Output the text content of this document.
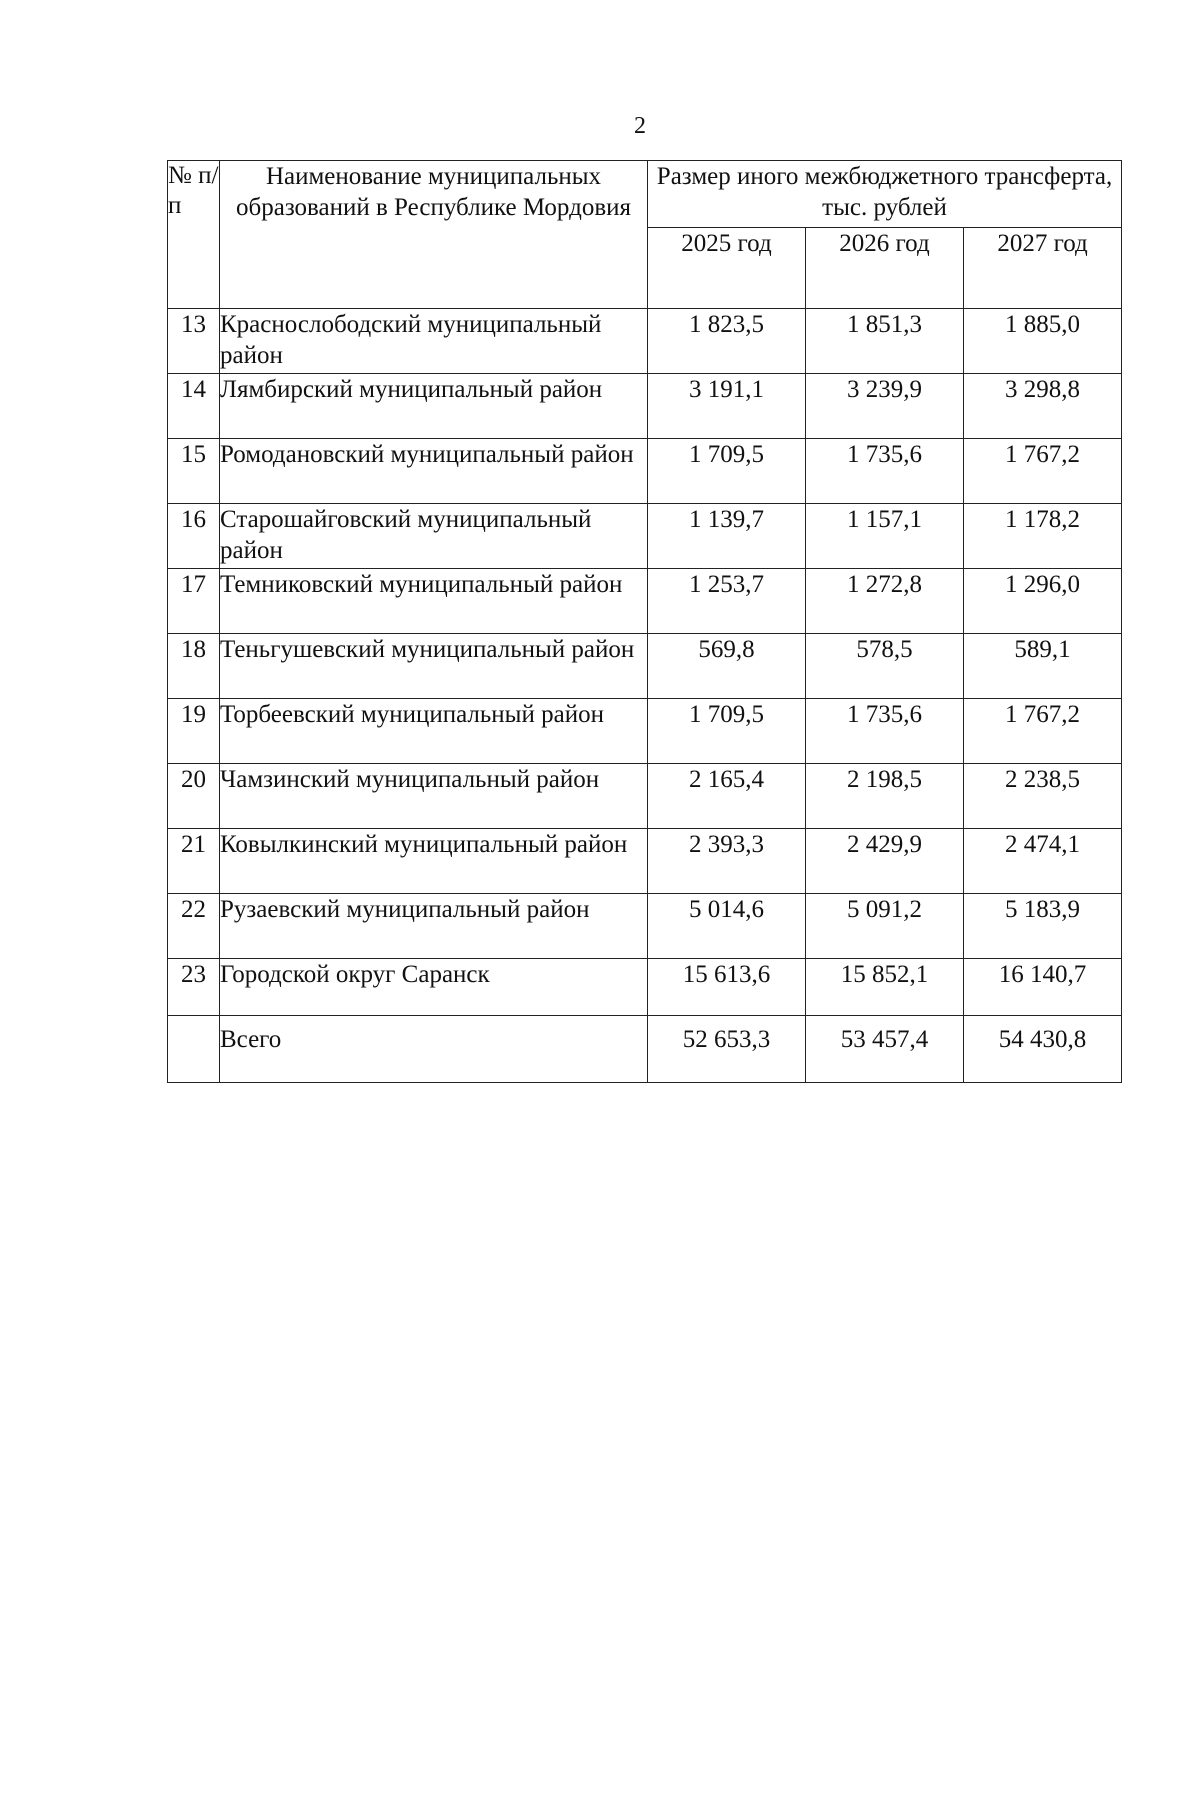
2
№ п/п	Наименование муниципальных образований в Республике Мордовия	Размер иного межбюджетного трансферта, тыс. рублей		
		2025 год	2026 год	2027 год
13	Краснослободский муниципальный район	1 823,5	1 851,3	1 885,0
14	Лямбирский муниципальный район	3 191,1	3 239,9	3 298,8
15	Ромодановский муниципальный район	1 709,5	1 735,6	1 767,2
16	Старошайговский муниципальный район	1 139,7	1 157,1	1 178,2
17	Темниковский муниципальный район	1 253,7	1 272,8	1 296,0
18	Теньгушевский муниципальный район	569,8	578,5	589,1
19	Торбеевский муниципальный район	1 709,5	1 735,6	1 767,2
20	Чамзинский муниципальный район	2 165,4	2 198,5	2 238,5
21	Ковылкинский муниципальный район	2 393,3	2 429,9	2 474,1
22	Рузаевский муниципальный район	5 014,6	5 091,2	5 183,9
23	Городской округ Саранск	15 613,6	15 852,1	16 140,7
	Всего	52 653,3	53 457,4	54 430,8
